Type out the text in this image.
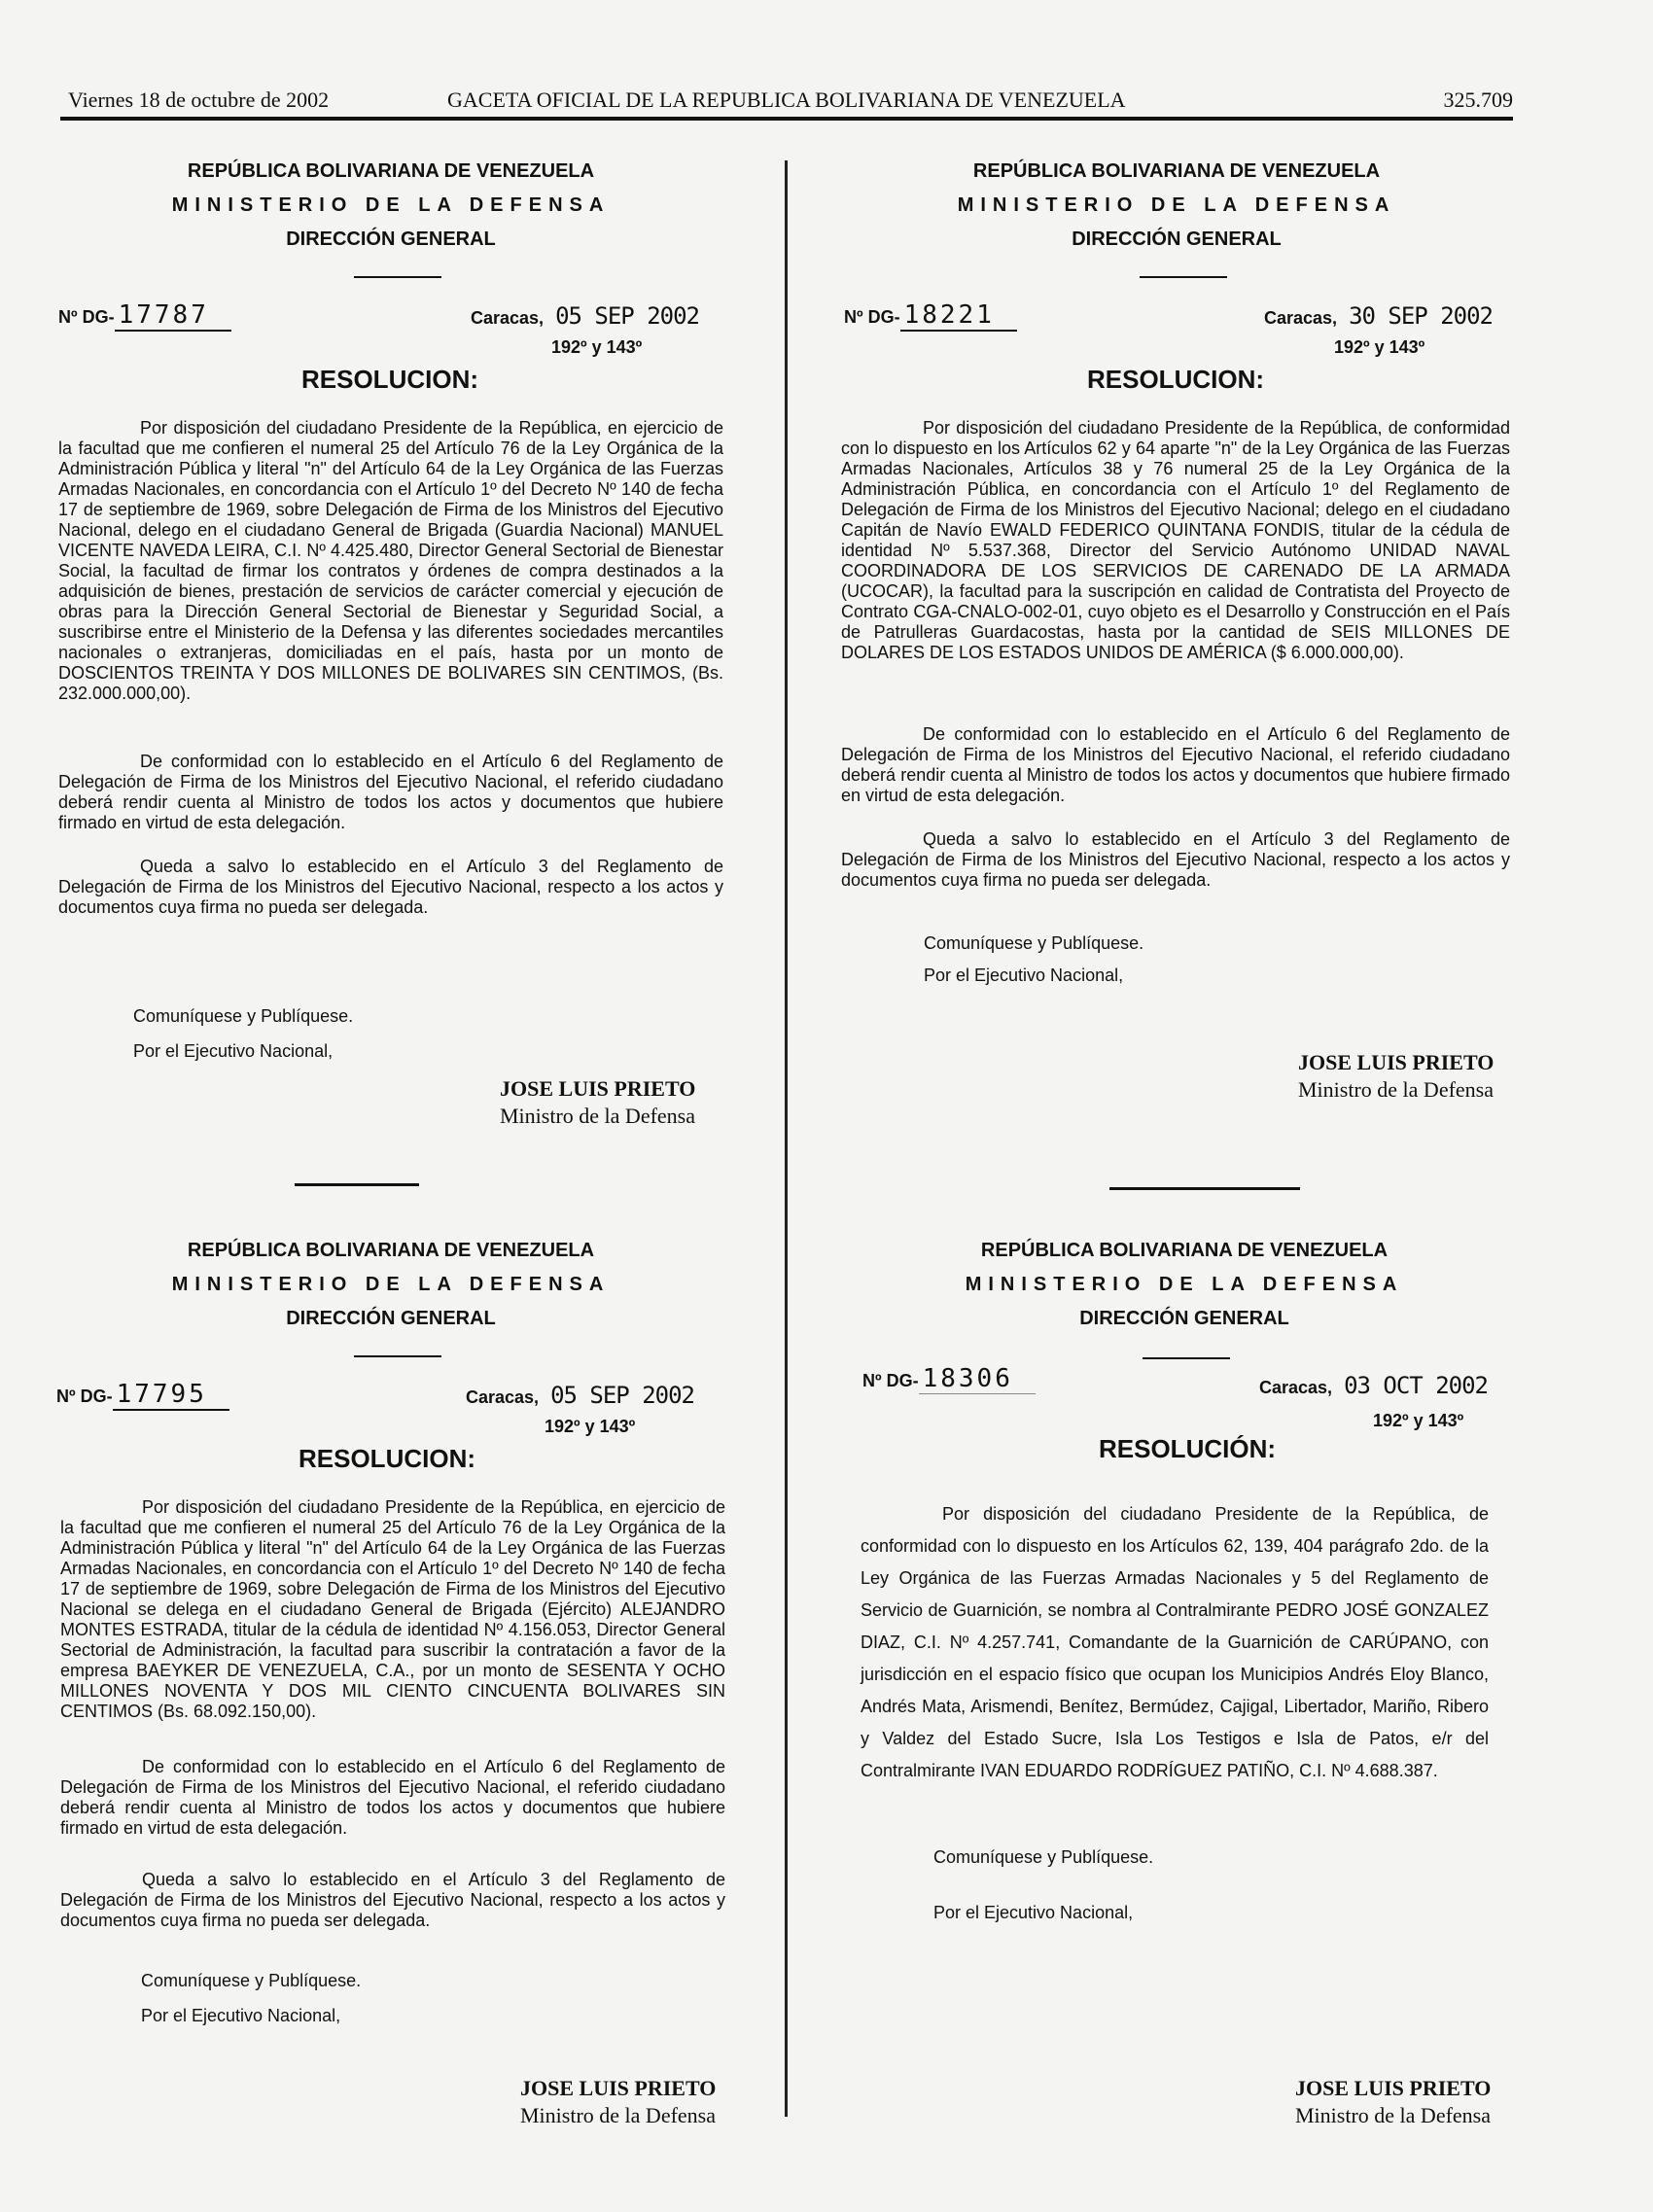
Viernes 18 de octubre de 2002	GACETA OFICIAL DE LA REPUBLICA BOLIVARIANA DE VENEZUELA	325.709

REPÚBLICA BOLIVARIANA DE VENEZUELA

MINISTERIO DE LA DEFENSA

DIRECCIÓN GENERAL

Nº DG- 17787	Caracas, 05 SEP 2002
192º y 143º

RESOLUCION:

Por disposición del ciudadano Presidente de la República, en ejercicio de la facultad que me confieren el numeral 25 del Artículo 76 de la Ley Orgánica de la Administración Pública y literal "n" del Artículo 64 de la Ley Orgánica de las Fuerzas Armadas Nacionales, en concordancia con el Artículo 1º del Decreto Nº 140 de fecha 17 de septiembre de 1969, sobre Delegación de Firma de los Ministros del Ejecutivo Nacional, delego en el ciudadano General de Brigada (Guardia Nacional) MANUEL VICENTE NAVEDA LEIRA, C.I. Nº 4.425.480, Director General Sectorial de Bienestar Social, la facultad de firmar los contratos y órdenes de compra destinados a la adquisición de bienes, prestación de servicios de carácter comercial y ejecución de obras para la Dirección General Sectorial de Bienestar y Seguridad Social, a suscribirse entre el Ministerio de la Defensa y las diferentes sociedades mercantiles nacionales o extranjeras, domiciliadas en el país, hasta por un monto de DOSCIENTOS TREINTA Y DOS MILLONES DE BOLIVARES SIN CENTIMOS, (Bs. 232.000.000,00).

De conformidad con lo establecido en el Artículo 6 del Reglamento de Delegación de Firma de los Ministros del Ejecutivo Nacional, el referido ciudadano deberá rendir cuenta al Ministro de todos los actos y documentos que hubiere firmado en virtud de esta delegación.

Queda a salvo lo establecido en el Artículo 3 del Reglamento de Delegación de Firma de los Ministros del Ejecutivo Nacional, respecto a los actos y documentos cuya firma no pueda ser delegada.

Comuníquese y Publíquese.

Por el Ejecutivo Nacional,

JOSE LUIS PRIETO

Ministro de la Defensa

REPÚBLICA BOLIVARIANA DE VENEZUELA

MINISTERIO DE LA DEFENSA

DIRECCIÓN GENERAL

Nº DG- 18221	Caracas, 30 SEP 2002
192º y 143º

RESOLUCION:

Por disposición del ciudadano Presidente de la República, de conformidad con lo dispuesto en los Artículos 62 y 64 aparte "n" de la Ley Orgánica de las Fuerzas Armadas Nacionales, Artículos 38 y 76 numeral 25 de la Ley Orgánica de la Administración Pública, en concordancia con el Artículo 1º del Reglamento de Delegación de Firma de los Ministros del Ejecutivo Nacional; delego en el ciudadano Capitán de Navío EWALD FEDERICO QUINTANA FONDIS, titular de la cédula de identidad Nº 5.537.368, Director del Servicio Autónomo UNIDAD NAVAL COORDINADORA DE LOS SERVICIOS DE CARENADO DE LA ARMADA (UCOCAR), la facultad para la suscripción en calidad de Contratista del Proyecto de Contrato CGA-CNALO-002-01, cuyo objeto es el Desarrollo y Construcción en el País de Patrulleras Guardacostas, hasta por la cantidad de SEIS MILLONES DE DOLARES DE LOS ESTADOS UNIDOS DE AMÉRICA ($ 6.000.000,00).

De conformidad con lo establecido en el Artículo 6 del Reglamento de Delegación de Firma de los Ministros del Ejecutivo Nacional, el referido ciudadano deberá rendir cuenta al Ministro de todos los actos y documentos que hubiere firmado en virtud de esta delegación.

Queda a salvo lo establecido en el Artículo 3 del Reglamento de Delegación de Firma de los Ministros del Ejecutivo Nacional, respecto a los actos y documentos cuya firma no pueda ser delegada.

Comuníquese y Publíquese.

Por el Ejecutivo Nacional,

JOSE LUIS PRIETO

Ministro de la Defensa

REPÚBLICA BOLIVARIANA DE VENEZUELA

MINISTERIO DE LA DEFENSA

DIRECCIÓN GENERAL

Nº DG- 17795	Caracas, 05 SEP 2002
192º y 143º

RESOLUCION:

Por disposición del ciudadano Presidente de la República, en ejercicio de la facultad que me confieren el numeral 25 del Artículo 76 de la Ley Orgánica de la Administración Pública y literal "n" del Artículo 64 de la Ley Orgánica de las Fuerzas Armadas Nacionales, en concordancia con el Artículo 1º del Decreto Nº 140 de fecha 17 de septiembre de 1969, sobre Delegación de Firma de los Ministros del Ejecutivo Nacional se delega en el ciudadano General de Brigada (Ejército) ALEJANDRO MONTES ESTRADA, titular de la cédula de identidad Nº 4.156.053, Director General Sectorial de Administración, la facultad para suscribir la contratación a favor de la empresa BAEYKER DE VENEZUELA, C.A., por un monto de SESENTA Y OCHO MILLONES NOVENTA Y DOS MIL CIENTO CINCUENTA BOLIVARES SIN CENTIMOS (Bs. 68.092.150,00).

De conformidad con lo establecido en el Artículo 6 del Reglamento de Delegación de Firma de los Ministros del Ejecutivo Nacional, el referido ciudadano deberá rendir cuenta al Ministro de todos los actos y documentos que hubiere firmado en virtud de esta delegación.

Queda a salvo lo establecido en el Artículo 3 del Reglamento de Delegación de Firma de los Ministros del Ejecutivo Nacional, respecto a los actos y documentos cuya firma no pueda ser delegada.

Comuníquese y Publíquese.

Por el Ejecutivo Nacional,

JOSE LUIS PRIETO

Ministro de la Defensa

REPÚBLICA BOLIVARIANA DE VENEZUELA

MINISTERIO DE LA DEFENSA

DIRECCIÓN GENERAL

Nº DG- 18306	Caracas, 03 OCT 2002
192º y 143º

RESOLUCIÓN:

Por disposición del ciudadano Presidente de la República, de conformidad con lo dispuesto en los Artículos 62, 139, 404 parágrafo 2do. de la Ley Orgánica de las Fuerzas Armadas Nacionales y 5 del Reglamento de Servicio de Guarnición, se nombra al Contralmirante PEDRO JOSÉ GONZALEZ DIAZ, C.I. Nº 4.257.741, Comandante de la Guarnición de CARÚPANO, con jurisdicción en el espacio físico que ocupan los Municipios Andrés Eloy Blanco, Andrés Mata, Arismendi, Benítez, Bermúdez, Cajigal, Libertador, Mariño, Ribero y Valdez del Estado Sucre, Isla Los Testigos e Isla de Patos, e/r del Contralmirante IVAN EDUARDO RODRÍGUEZ PATIÑO, C.I. Nº 4.688.387.

Comuníquese y Publíquese.

Por el Ejecutivo Nacional,

JOSE LUIS PRIETO

Ministro de la Defensa
